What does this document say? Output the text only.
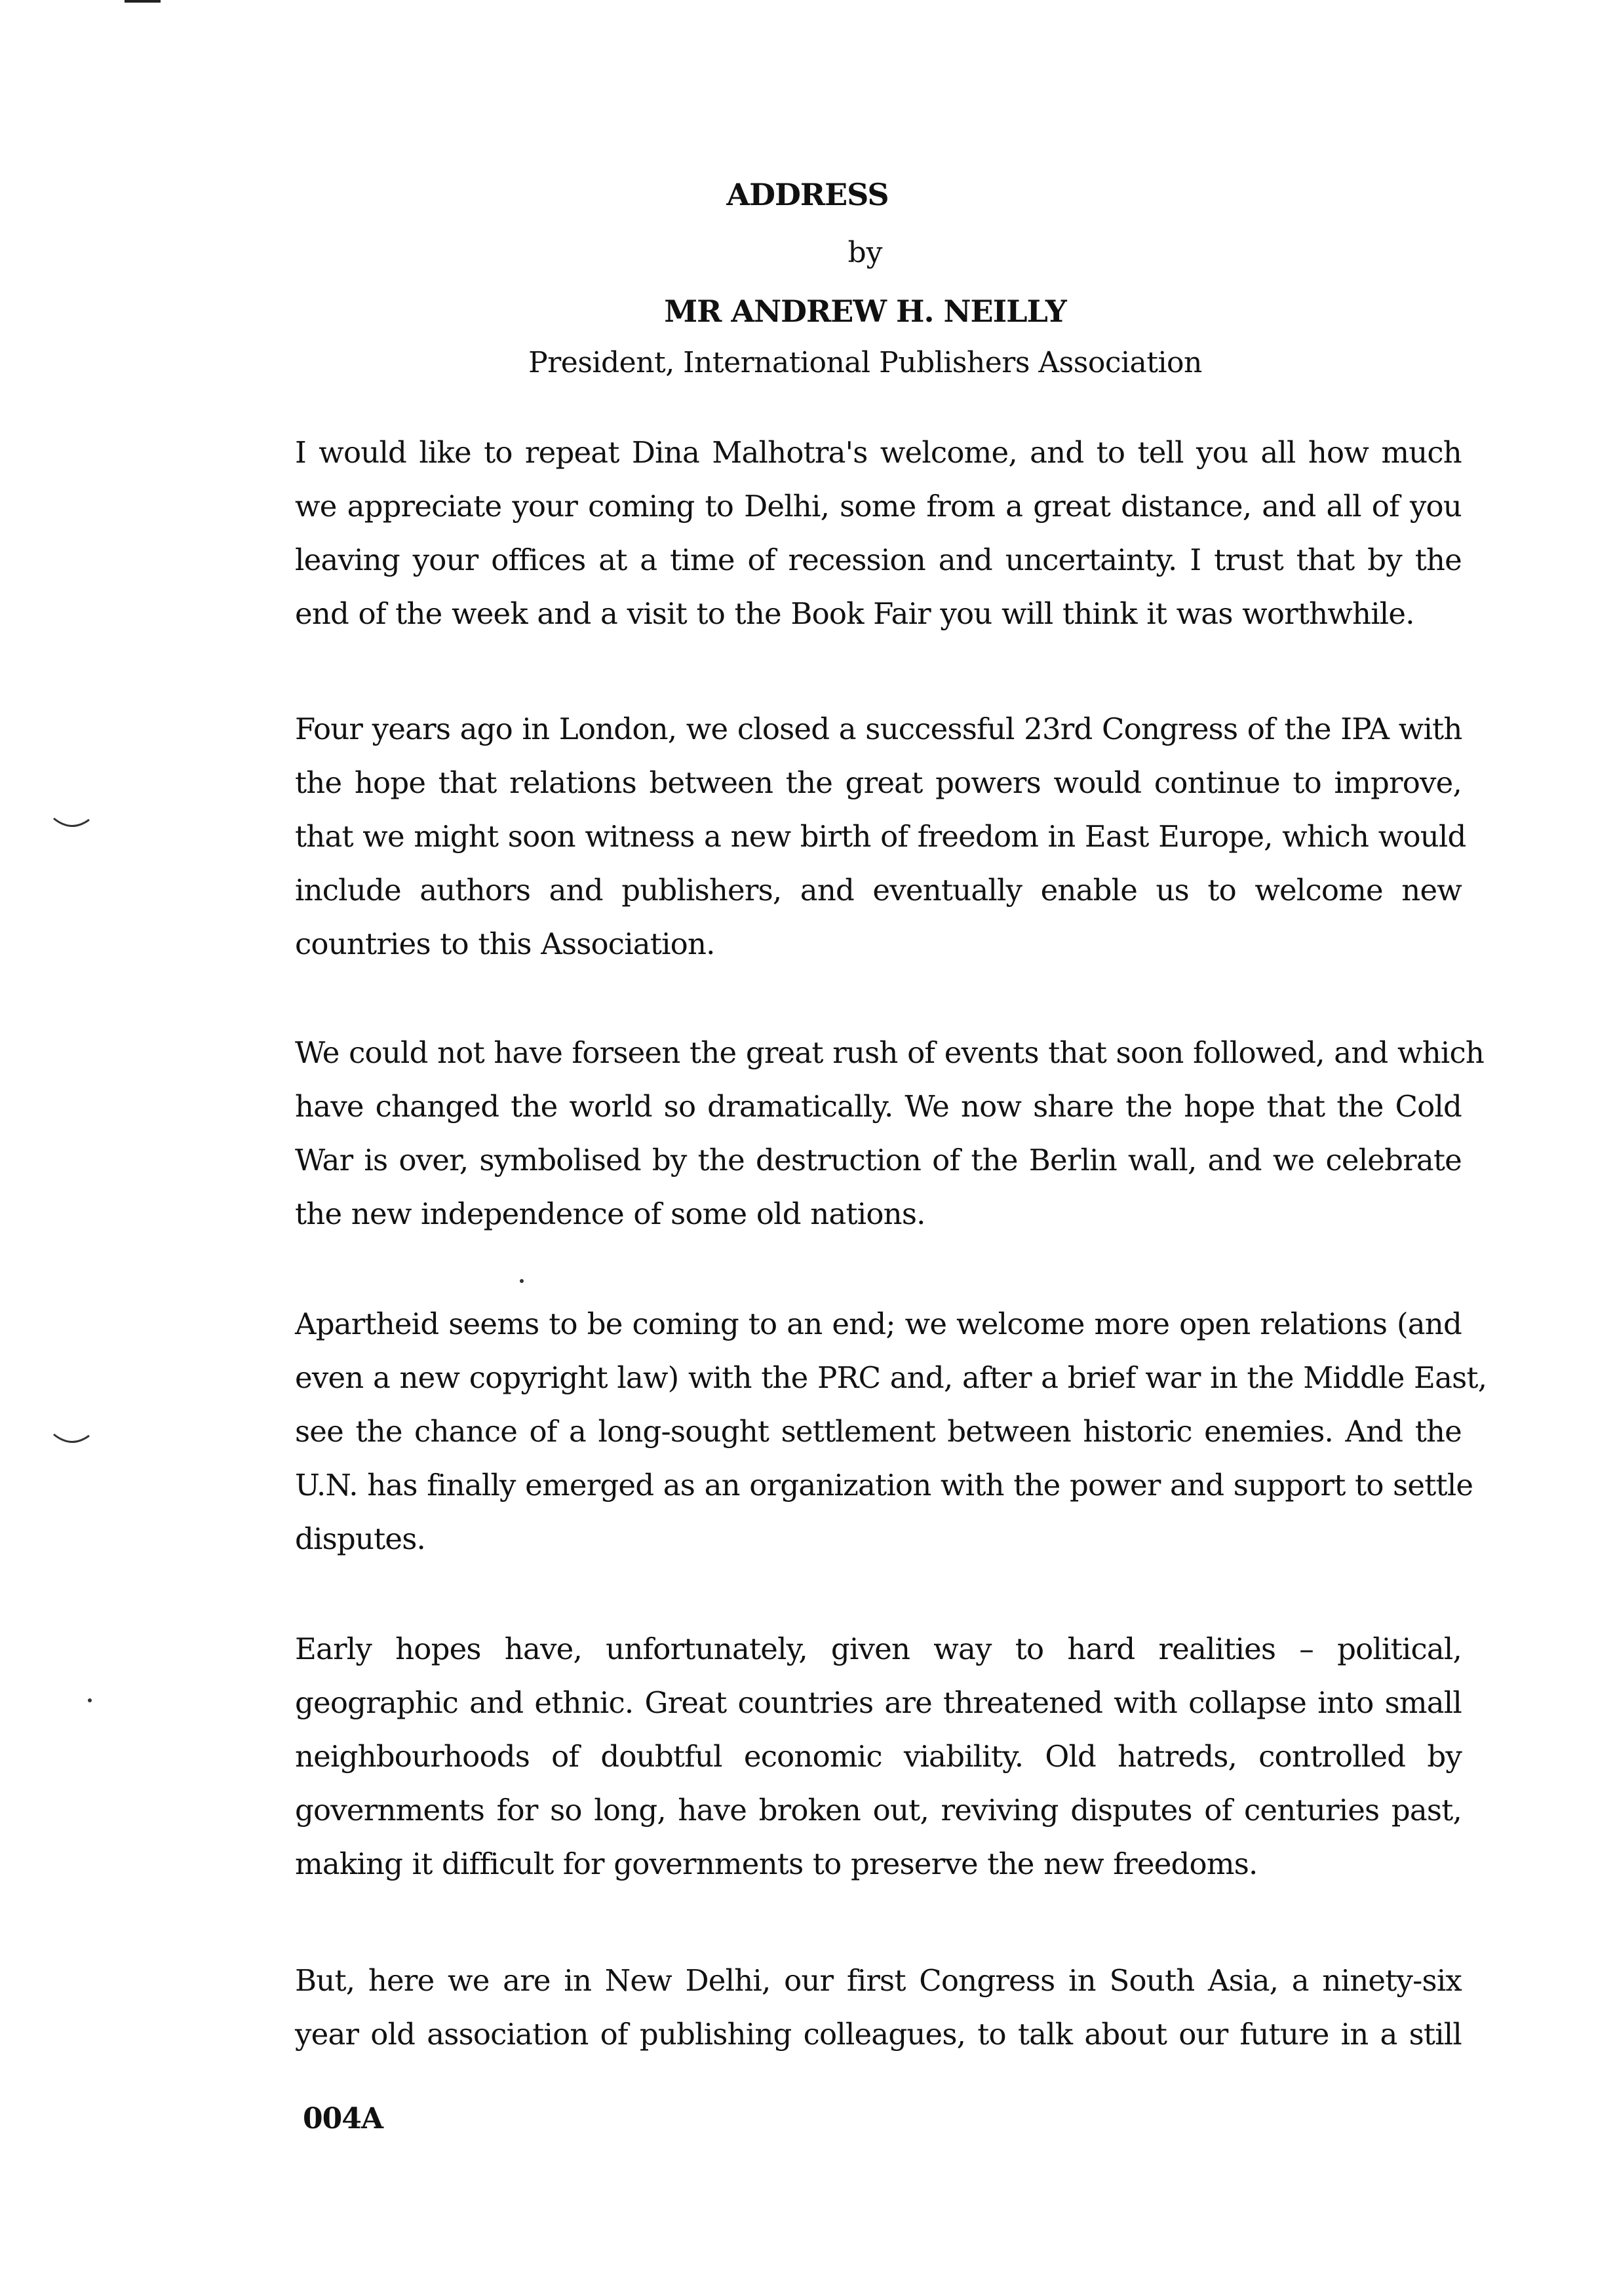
ADDRESS
by
MR ANDREW H. NEILLY
President, International Publishers Association
I would like to repeat Dina Malhotra's welcome, and to tell you all how much
we appreciate your coming to Delhi, some from a great distance, and all of you
leaving your offices at a time of recession and uncertainty. I trust that by the
end of the week and a visit to the Book Fair you will think it was worthwhile.
Four years ago in London, we closed a successful 23rd Congress of the IPA with
the hope that relations between the great powers would continue to improve,
that we might soon witness a new birth of freedom in East Europe, which would
include authors and publishers, and eventually enable us to welcome new
countries to this Association.
We could not have forseen the great rush of events that soon followed, and which
have changed the world so dramatically. We now share the hope that the Cold
War is over, symbolised by the destruction of the Berlin wall, and we celebrate
the new independence of some old nations.
Apartheid seems to be coming to an end; we welcome more open relations (and
even a new copyright law) with the PRC and, after a brief war in the Middle East,
see the chance of a long-sought settlement between historic enemies. And the
U.N. has finally emerged as an organization with the power and support to settle
disputes.
Early hopes have, unfortunately, given way to hard realities – political,
geographic and ethnic. Great countries are threatened with collapse into small
neighbourhoods of doubtful economic viability. Old hatreds, controlled by
governments for so long, have broken out, reviving disputes of centuries past,
making it difficult for governments to preserve the new freedoms.
But, here we are in New Delhi, our first Congress in South Asia, a ninety-six
year old association of publishing colleagues, to talk about our future in a still
004A
